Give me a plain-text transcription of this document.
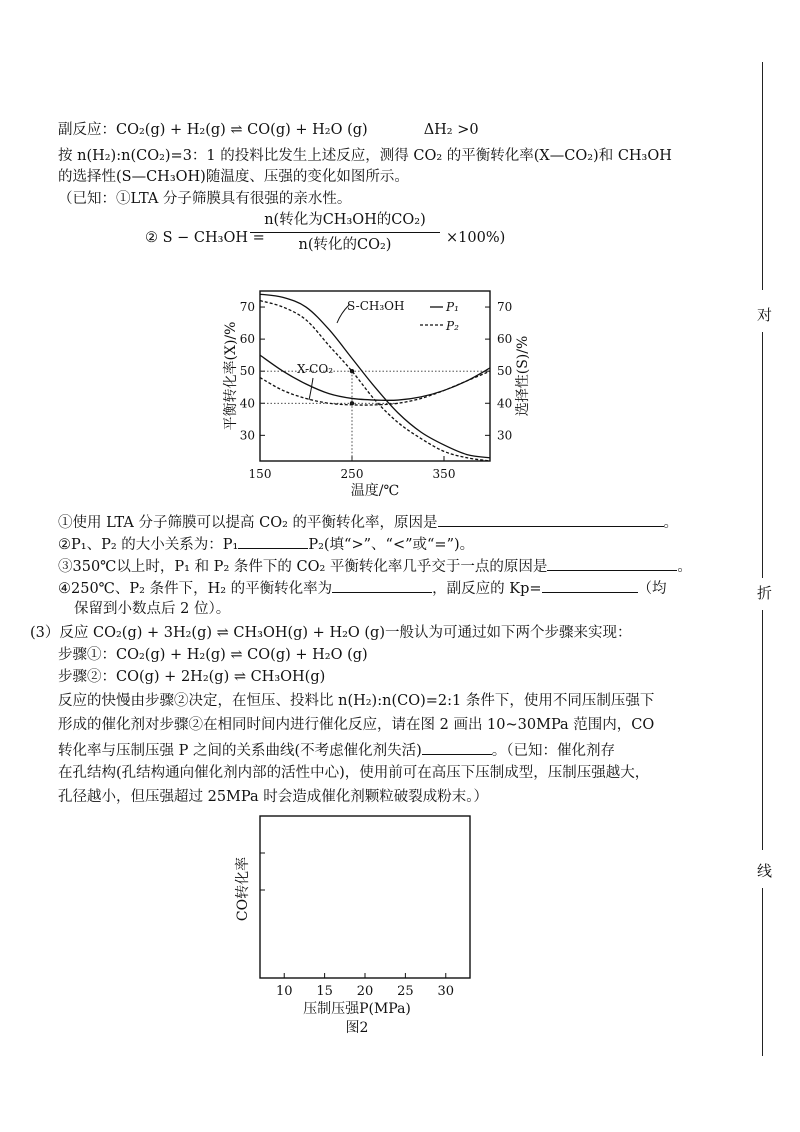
副反应：CO₂(g) + H₂(g) ⇌ CO(g) + H₂O (g)	ΔH₂ >0
按 n(H₂):n(CO₂)=3：1 的投料比发生上述反应，测得 CO₂ 的平衡转化率(X—CO₂)和 CH₃OH
的选择性(S—CH₃OH)随温度、压强的变化如图所示。
（已知：①LTA 分子筛膜具有很强的亲水性。
② S − CH₃OH =
n(转化为CH₃OH的CO₂)
n(转化的CO₂)	×100%)
150	250	350
30
40
50
60
70
30
40
50
60
70
S-CH₃OH
X-CO₂
P₁
P₂
温度/℃
平衡转化率(X)/%	选择性(S)/%
①使用 LTA 分子筛膜可以提高 CO₂ 的平衡转化率，原因是	。
②P₁、P₂ 的大小关系为：P₁	P₂(填“>”、“<”或“=”)。
③350℃以上时，P₁ 和 P₂ 条件下的 CO₂ 平衡转化率几乎交于一点的原因是	。
④250℃、P₂ 条件下，H₂ 的平衡转化率为	，副反应的 Kp=	（均
保留到小数点后 2 位）。
(3）反应 CO₂(g) + 3H₂(g) ⇌ CH₃OH(g) + H₂O (g)一般认为可通过如下两个步骤来实现：
步骤①：CO₂(g) + H₂(g) ⇌ CO(g) + H₂O (g)
步骤②：CO(g) + 2H₂(g) ⇌ CH₃OH(g)
反应的快慢由步骤②决定，在恒压、投料比 n(H₂):n(CO)=2:1 条件下，使用不同压制压强下
形成的催化剂对步骤②在相同时间内进行催化反应，请在图 2 画出 10~30MPa 范围内，CO
转化率与压制压强 P 之间的关系曲线(不考虑催化剂失活)	。（已知：催化剂存
在孔结构(孔结构通向催化剂内部的活性中心)，使用前可在高压下压制成型，压制压强越大，
孔径越小，但压强超过 25MPa 时会造成催化剂颗粒破裂成粉末。）
10 15 20 25 30
压制压强P(MPa)
CO转化率
图2
对
折
线
